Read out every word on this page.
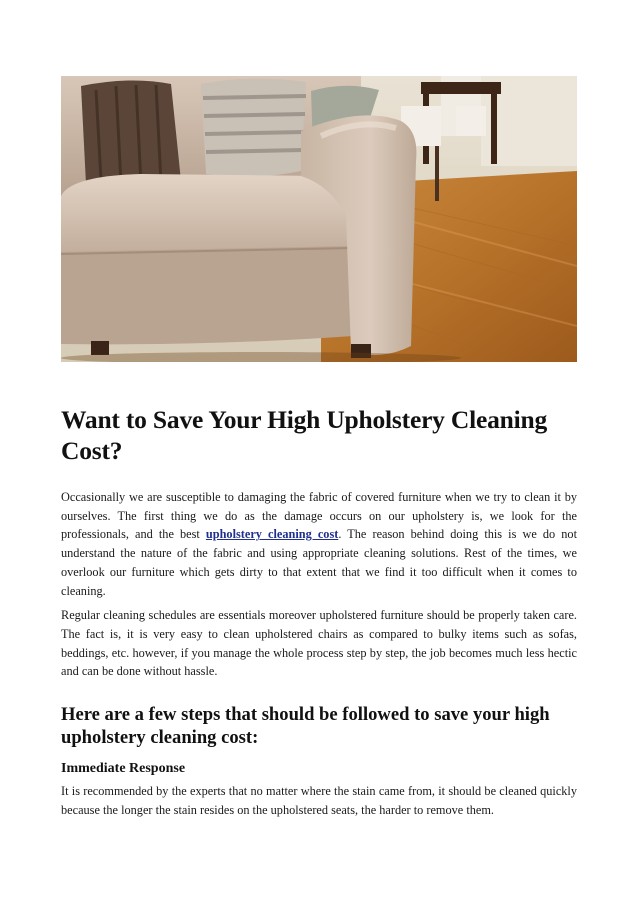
Want to Save Your High Upholstery Cleaning Cost?

Occasionally we are susceptible to damaging the fabric of covered furniture when we try to clean it by ourselves. The first thing we do as the damage occurs on our upholstery is, we look for the professionals, and the best upholstery cleaning cost. The reason behind doing this is we do not understand the nature of the fabric and using appropriate cleaning solutions. Rest of the times, we overlook our furniture which gets dirty to that extent that we find it too difficult when it comes to cleaning.

Regular cleaning schedules are essentials moreover upholstered furniture should be properly taken care. The fact is, it is very easy to clean upholstered chairs as compared to bulky items such as sofas, beddings, etc. however, if you manage the whole process step by step, the job becomes much less hectic and can be done without hassle.

Here are a few steps that should be followed to save your high upholstery cleaning cost:
Immediate Response

It is recommended by the experts that no matter where the stain came from, it should be cleaned quickly because the longer the stain resides on the upholstered seats, the harder to remove them.
